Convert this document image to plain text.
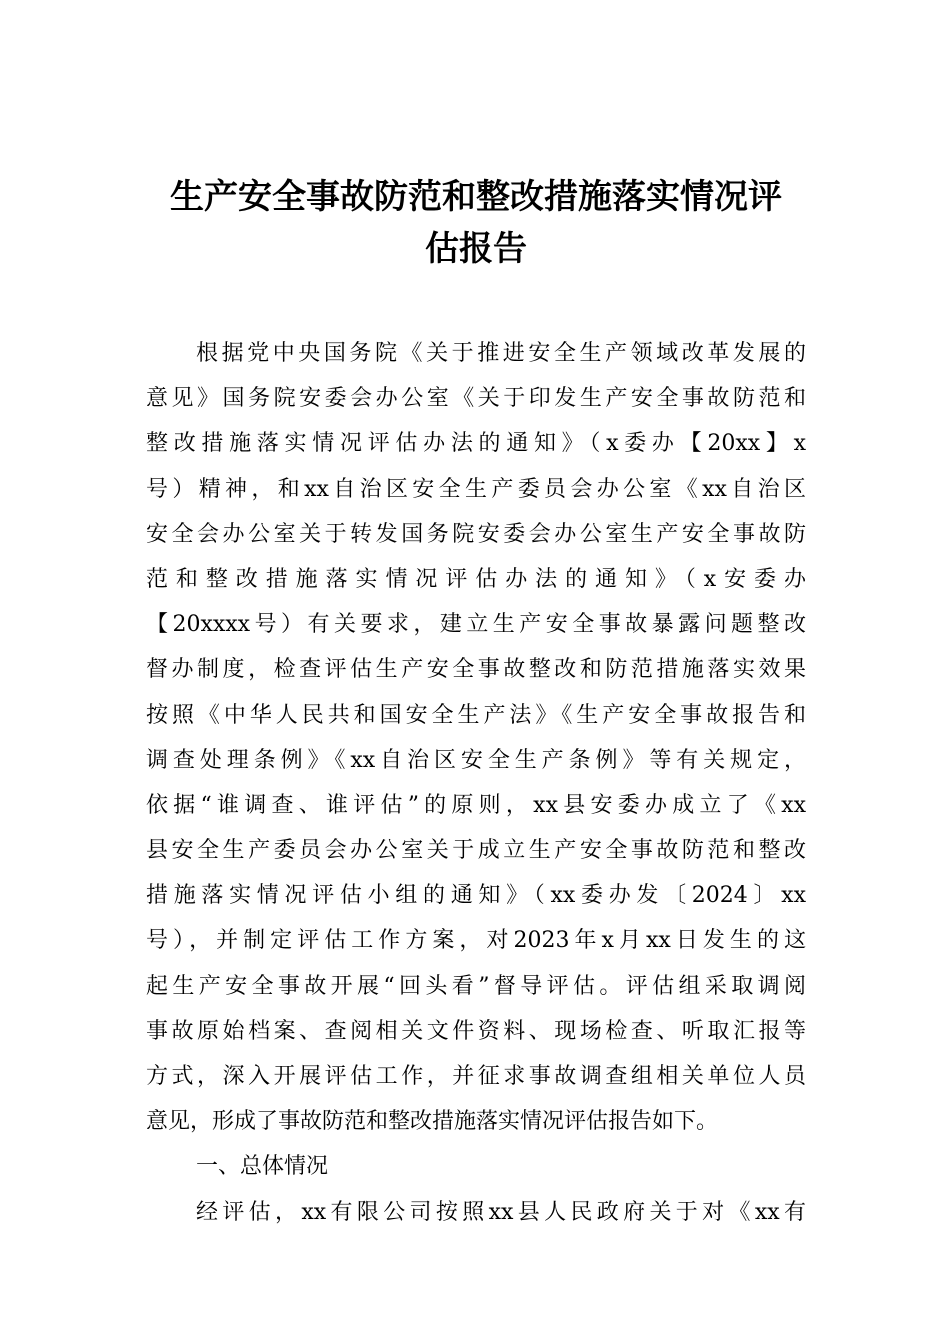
生产安全事故防范和整改措施落实情况评
估报告
根据党中央国务院《关于推进安全生产领域改革发展的
意见》国务院安委会办公室《关于印发生产安全事故防范和
整改措施落实情况评估办法的通知》（x委办【20xx】x
号）精神，和xx自治区安全生产委员会办公室《xx自治区
安全会办公室关于转发国务院安委会办公室生产安全事故防
范和整改措施落实情况评估办法的通知》（x安委办
【20xxxx号）有关要求，建立生产安全事故暴露问题整改
督办制度，检查评估生产安全事故整改和防范措施落实效果
按照《中华人民共和国安全生产法》《生产安全事故报告和
调查处理条例》《xx自治区安全生产条例》等有关规定，
依据“谁调查、谁评估”的原则，xx县安委办成立了《xx
县安全生产委员会办公室关于成立生产安全事故防范和整改
措施落实情况评估小组的通知》（xx委办发〔2024〕xx
号），并制定评估工作方案，对2023年x月xx日发生的这
起生产安全事故开展“回头看”督导评估。评估组采取调阅
事故原始档案、查阅相关文件资料、现场检查、听取汇报等
方式，深入开展评估工作，并征求事故调查组相关单位人员
意见，形成了事故防范和整改措施落实情况评估报告如下。
一、总体情况
经评估，xx有限公司按照xx县人民政府关于对《xx有
